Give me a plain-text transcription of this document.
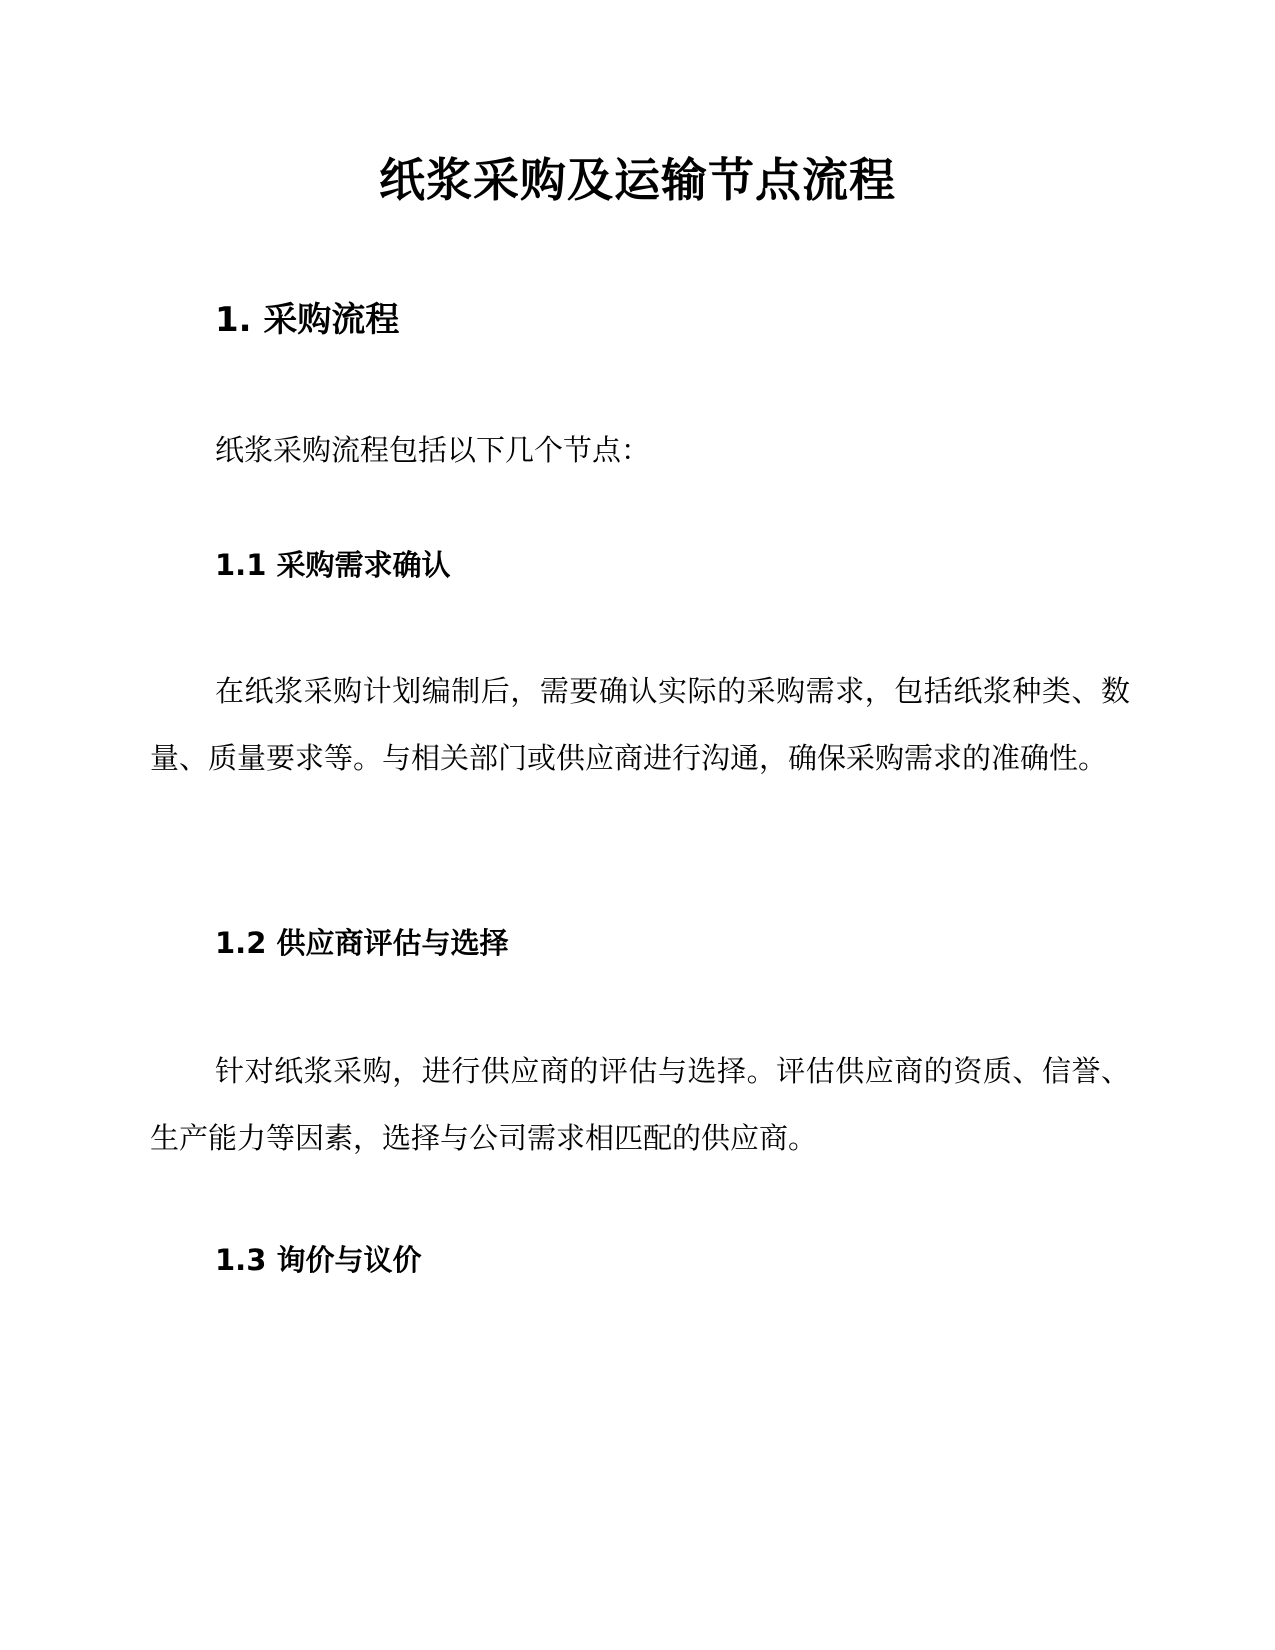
纸浆采购及运输节点流程
1. 采购流程

纸浆采购流程包括以下几个节点：

1.1 采购需求确认

在纸浆采购计划编制后，需要确认实际的采购需求，包括纸浆种类、数量、质量要求等。与相关部门或供应商进行沟通，确保采购需求的准确性。

1.2 供应商评估与选择

针对纸浆采购，进行供应商的评估与选择。评估供应商的资质、信誉、生产能力等因素，选择与公司需求相匹配的供应商。

1.3 询价与议价
